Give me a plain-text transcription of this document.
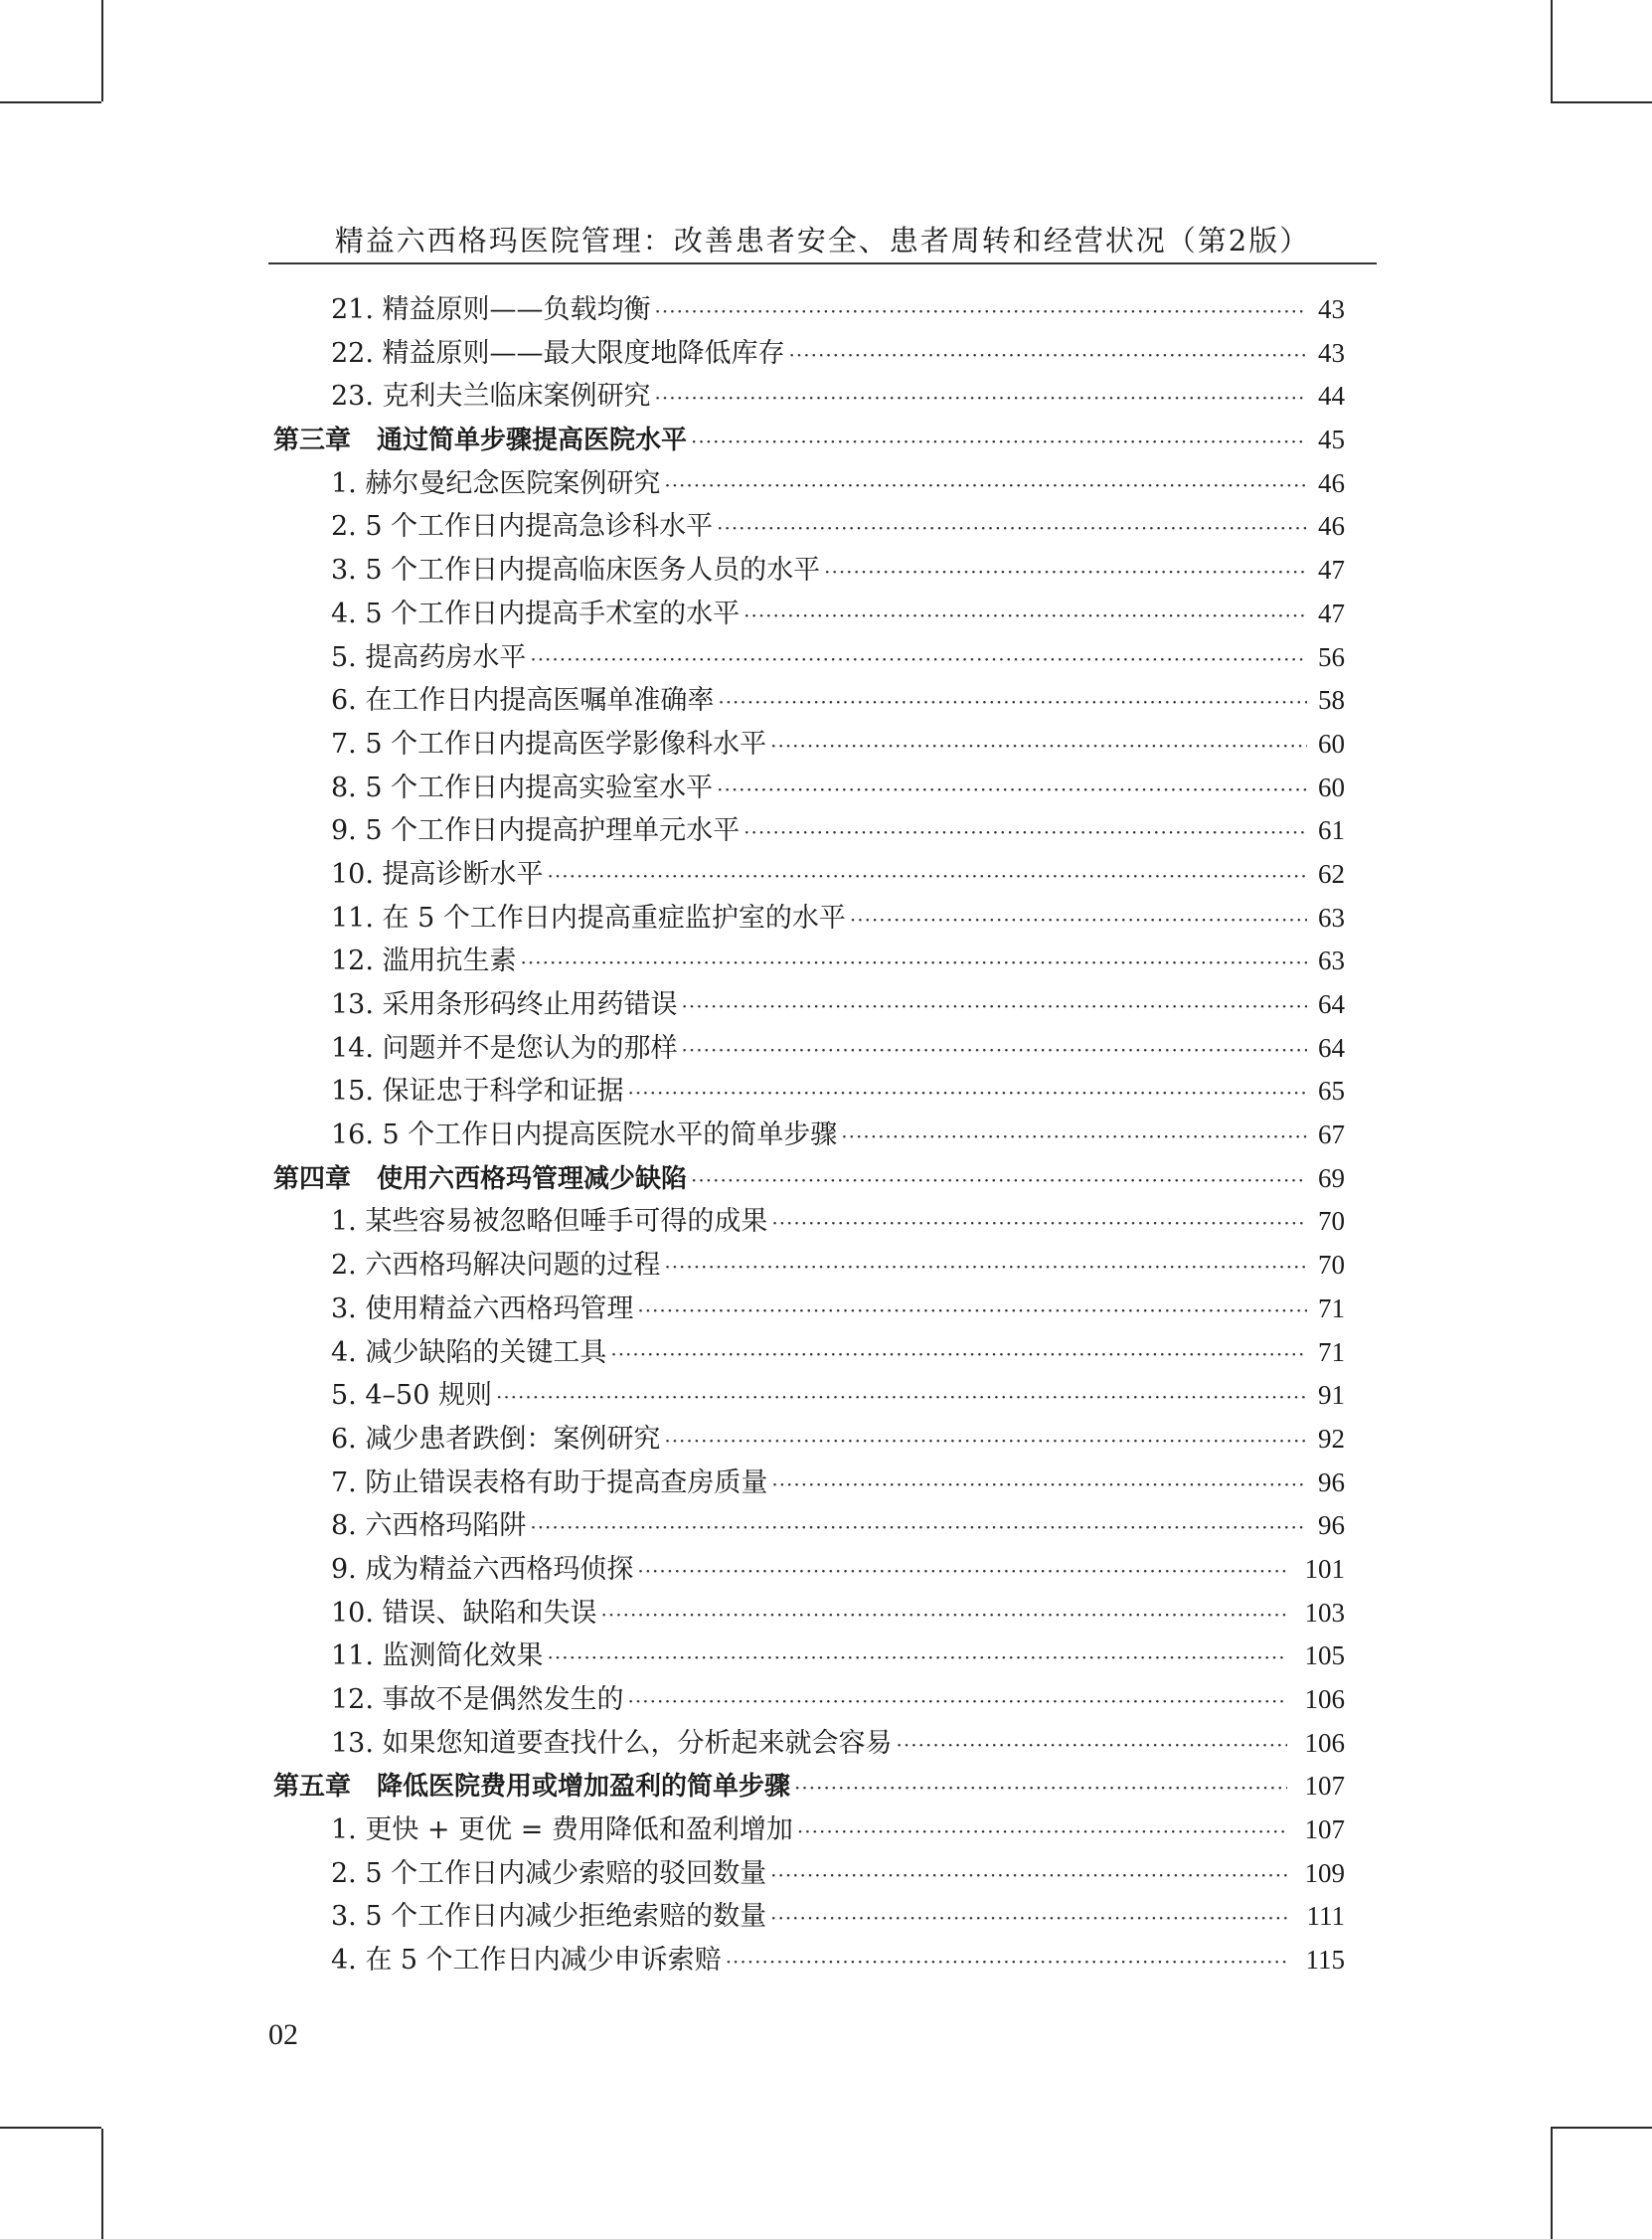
精益六西格玛医院管理：改善患者安全、患者周转和经营状况（第2版）
21. 精益原则——负载均衡 ·····	43
22. 精益原则——最大限度地降低库存 ·····	43
23. 克利夫兰临床案例研究 ·····	44
第三章　通过简单步骤提高医院水平 ·····	45
1. 赫尔曼纪念医院案例研究 ·····	46
2. 5 个工作日内提高急诊科水平 ·····	46
3. 5 个工作日内提高临床医务人员的水平 ·····	47
4. 5 个工作日内提高手术室的水平 ·····	47
5. 提高药房水平 ·····	56
6. 在工作日内提高医嘱单准确率 ·····	58
7. 5 个工作日内提高医学影像科水平 ·····	60
8. 5 个工作日内提高实验室水平 ·····	60
9. 5 个工作日内提高护理单元水平 ·····	61
10. 提高诊断水平 ·····	62
11. 在 5 个工作日内提高重症监护室的水平 ·····	63
12. 滥用抗生素 ·····	63
13. 采用条形码终止用药错误 ·····	64
14. 问题并不是您认为的那样 ·····	64
15. 保证忠于科学和证据 ·····	65
16. 5 个工作日内提高医院水平的简单步骤 ·····	67
第四章　使用六西格玛管理减少缺陷 ·····	69
1. 某些容易被忽略但唾手可得的成果 ·····	70
2. 六西格玛解决问题的过程 ·····	70
3. 使用精益六西格玛管理 ·····	71
4. 减少缺陷的关键工具 ·····	71
5. 4–50 规则 ·····	91
6. 减少患者跌倒：案例研究 ·····	92
7. 防止错误表格有助于提高查房质量 ·····	96
8. 六西格玛陷阱 ·····	96
9. 成为精益六西格玛侦探 ·····	101
10. 错误、缺陷和失误 ·····	103
11. 监测简化效果 ·····	105
12. 事故不是偶然发生的 ·····	106
13. 如果您知道要查找什么，分析起来就会容易 ·····	106
第五章　降低医院费用或增加盈利的简单步骤 ·····	107
1. 更快 + 更优 = 费用降低和盈利增加 ·····	107
2. 5 个工作日内减少索赔的驳回数量 ·····	109
3. 5 个工作日内减少拒绝索赔的数量 ·····	111
4. 在 5 个工作日内减少申诉索赔 ·····	115
02
